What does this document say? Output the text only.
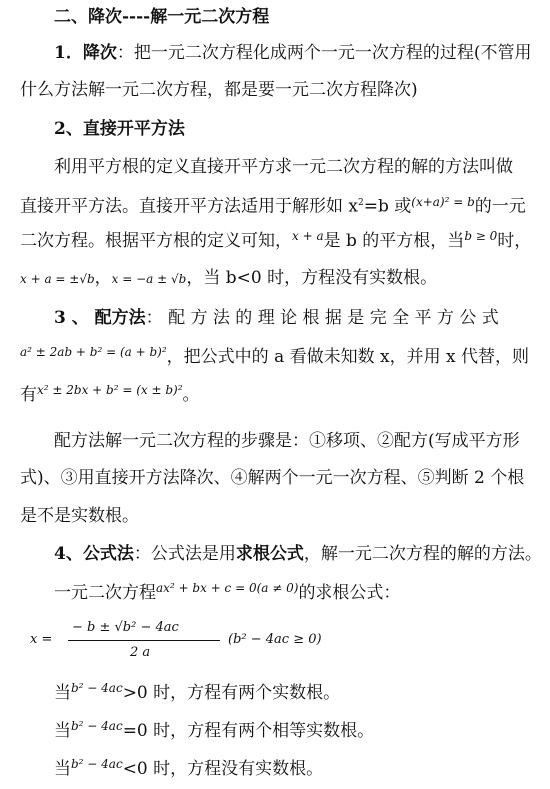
二、降次----解一元二次方程
1．降次：把一元二次方程化成两个一元一次方程的过程(不管用
什么方法解一元二次方程，都是要一元二次方程降次)
2、直接开平方法
利用平方根的定义直接开平方求一元二次方程的解的方法叫做
直接开平方法。直接开平方法适用于解形如 $x^2=b$ 或$^{(x+a)^2 = b}$的一元
二次方程。根据平方根的定义可知，$^{x + a}$是 b 的平方根，当$^{b \ge 0}$时，
x + a = ±√b，x = −a ± √b，当 b<0 时，方程没有实数根。
3 、 配方法： 配 方 法 的 理 论 根 据 是 完 全 平 方 公 式
$^{a^2 \pm 2ab + b^2 = (a + b)^2}$，把公式中的 a 看做未知数 x，并用 x 代替，则
有$^{x^2 \pm 2bx + b^2 = (x \pm b)^2}$。
配方法解一元二次方程的步骤是：①移项、②配方(写成平方形
式)、③用直接开方法降次、④解两个一元一次方程、⑤判断 2 个根
是不是实数根。
4、公式法：公式法是用求根公式，解一元二次方程的解的方法。
一元二次方程$^{ax^2 + bx + c = 0(a \ne 0)}$的求根公式：
x =
− b ± √b² − 4ac
2 a
(b² − 4ac ≥ 0)
当$^{b^2 - 4ac}$>0 时，方程有两个实数根。
当$^{b^2 - 4ac}$=0 时，方程有两个相等实数根。
当$^{b^2 - 4ac}$<0 时，方程没有实数根。
